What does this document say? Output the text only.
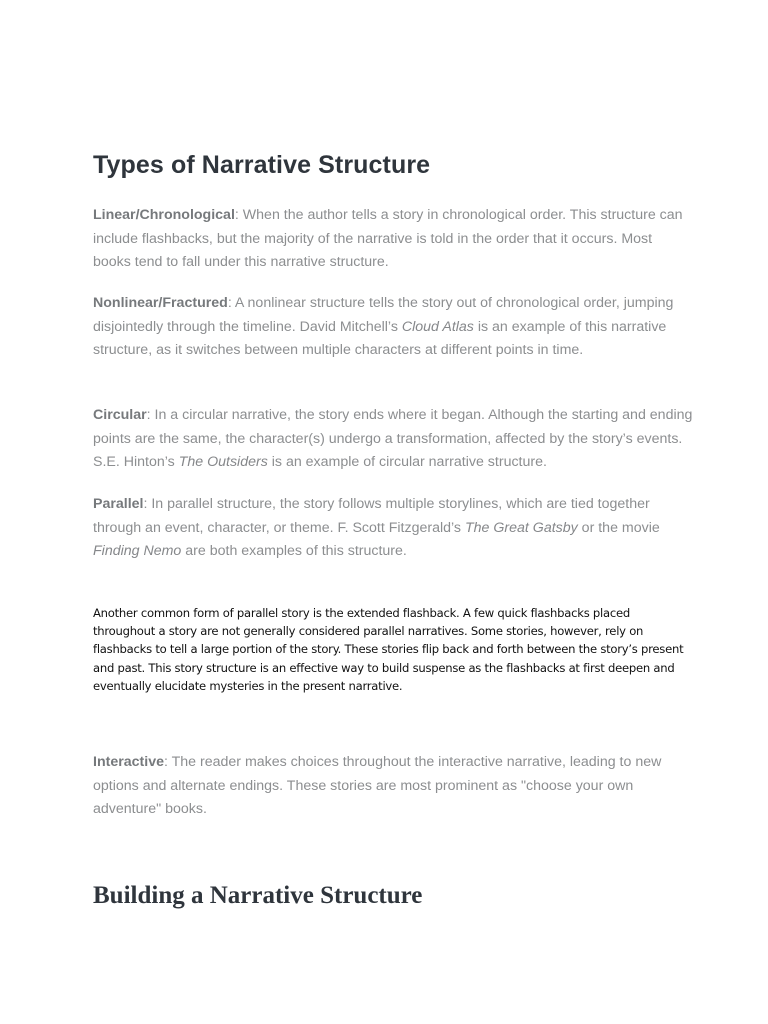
Types of Narrative Structure

Linear/Chronological: When the author tells a story in chronological order. This structure can include flashbacks, but the majority of the narrative is told in the order that it occurs. Most books tend to fall under this narrative structure.

Nonlinear/Fractured: A nonlinear structure tells the story out of chronological order, jumping disjointedly through the timeline. David Mitchell’s Cloud Atlas is an example of this narrative structure, as it switches between multiple characters at different points in time.

Circular: In a circular narrative, the story ends where it began. Although the starting and ending points are the same, the character(s) undergo a transformation, affected by the story’s events. S.E. Hinton’s The Outsiders is an example of circular narrative structure.

Parallel: In parallel structure, the story follows multiple storylines, which are tied together through an event, character, or theme. F. Scott Fitzgerald’s The Great Gatsby or the movie Finding Nemo are both examples of this structure.

Another common form of parallel story is the extended flashback. A few quick flashbacks placed throughout a story are not generally considered parallel narratives. Some stories, however, rely on flashbacks to tell a large portion of the story. These stories flip back and forth between the story’s present and past. This story structure is an effective way to build suspense as the flashbacks at first deepen and eventually elucidate mysteries in the present narrative.

Interactive: The reader makes choices throughout the interactive narrative, leading to new options and alternate endings. These stories are most prominent as "choose your own adventure" books.

Building a Narrative Structure
